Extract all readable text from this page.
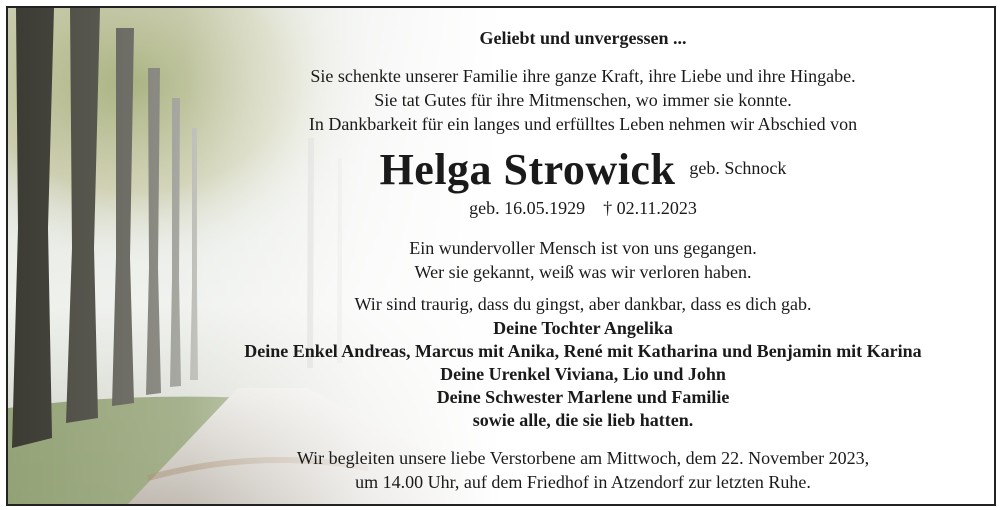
Geliebt und unvergessen ...
Sie schenkte unserer Familie ihre ganze Kraft, ihre Liebe und ihre Hingabe.
Sie tat Gutes für ihre Mitmenschen, wo immer sie konnte.
In Dankbarkeit für ein langes und erfülltes Leben nehmen wir Abschied von
Helga Strowick geb. Schnock
geb. 16.05.1929 † 02.11.2023
Ein wundervoller Mensch ist von uns gegangen.
Wer sie gekannt, weiß was wir verloren haben.
Wir sind traurig, dass du gingst, aber dankbar, dass es dich gab.
Deine Tochter Angelika
Deine Enkel Andreas, Marcus mit Anika, René mit Katharina und Benjamin mit Karina
Deine Urenkel Viviana, Lio und John
Deine Schwester Marlene und Familie
sowie alle, die sie lieb hatten.
Wir begleiten unsere liebe Verstorbene am Mittwoch, dem 22. November 2023,
um 14.00 Uhr, auf dem Friedhof in Atzendorf zur letzten Ruhe.
